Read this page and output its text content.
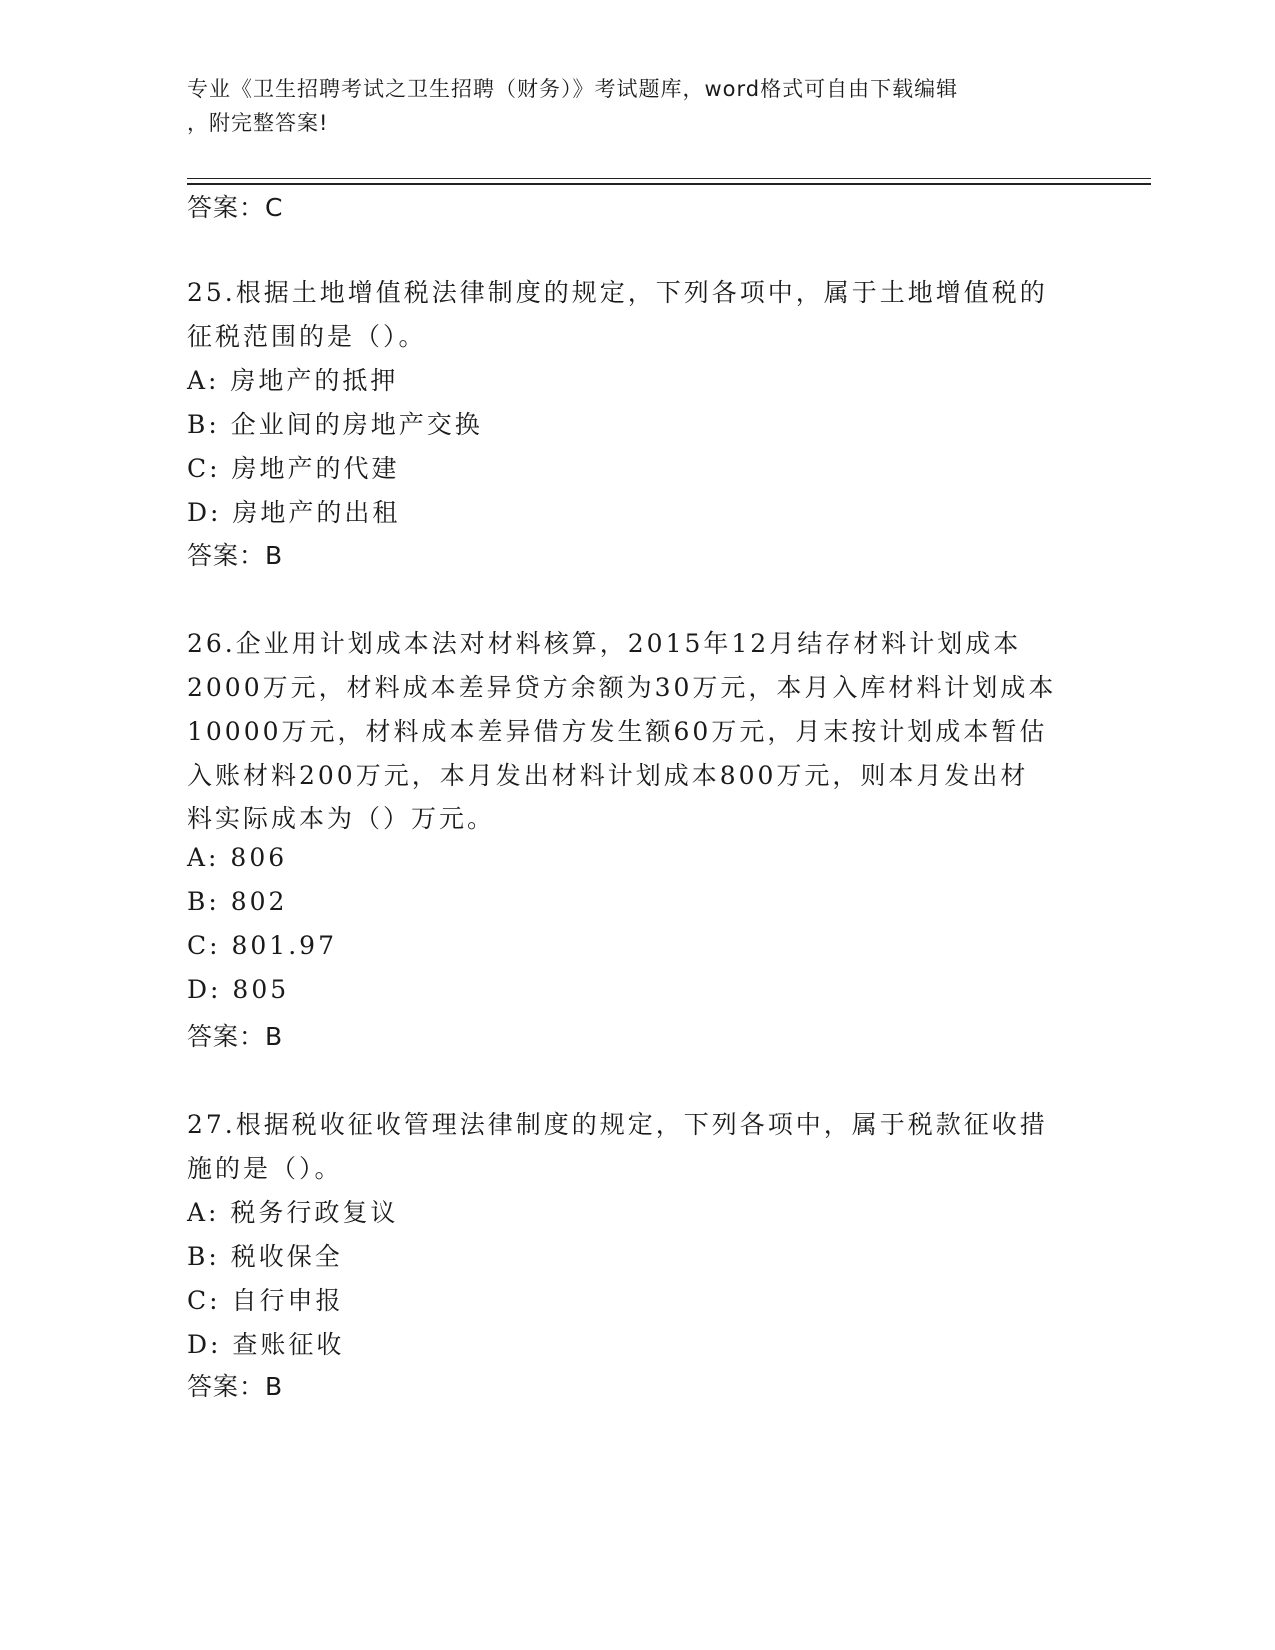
专业《卫生招聘考试之卫生招聘（财务）》考试题库，word格式可自由下载编辑
，附完整答案!
答案：C
25.根据土地增值税法律制度的规定，下列各项中，属于土地增值税的
征税范围的是（）。
A: 房地产的抵押
B: 企业间的房地产交换
C: 房地产的代建
D: 房地产的出租
答案：B
26.企业用计划成本法对材料核算，2015年12月结存材料计划成本
2000万元，材料成本差异贷方余额为30万元，本月入库材料计划成本
10000万元，材料成本差异借方发生额60万元，月末按计划成本暂估
入账材料200万元，本月发出材料计划成本800万元，则本月发出材
料实际成本为（）万元。
A: 806
B: 802
C: 801.97
D: 805
答案：B
27.根据税收征收管理法律制度的规定，下列各项中，属于税款征收措
施的是（）。
A: 税务行政复议
B: 税收保全
C: 自行申报
D: 查账征收
答案：B
